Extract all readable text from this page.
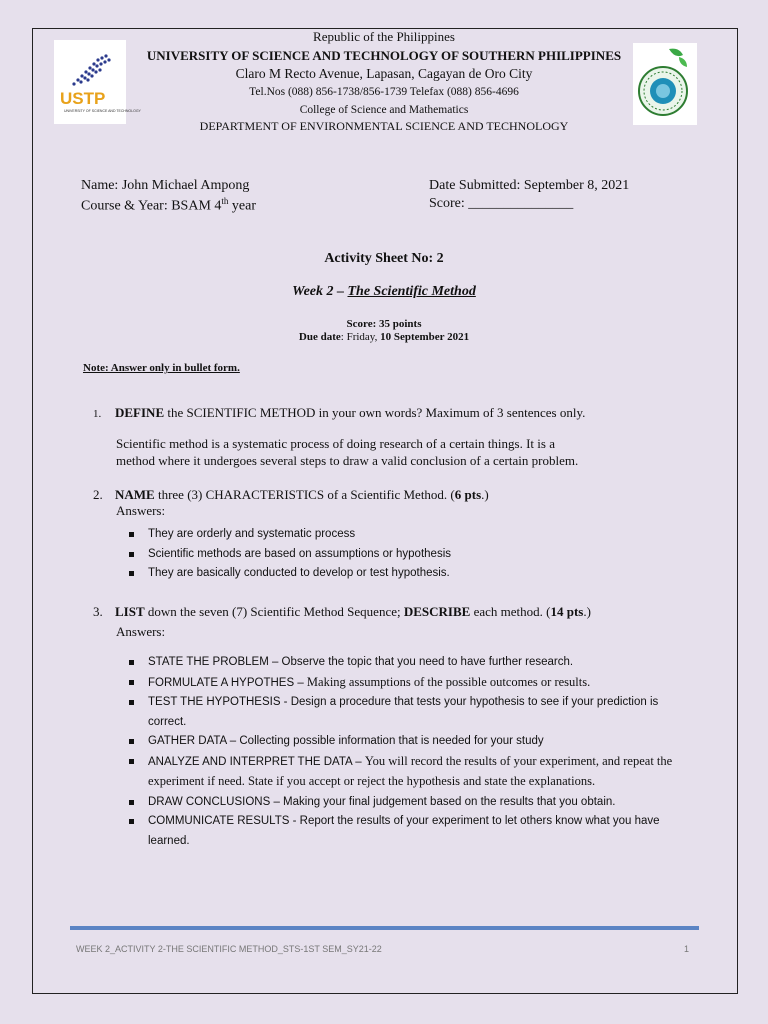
USTP
UNIVERSITY OF SCIENCE AND TECHNOLOGY
Republic of the Philippines
UNIVERSITY OF SCIENCE AND TECHNOLOGY OF SOUTHERN PHILIPPINES
Claro M Recto Avenue, Lapasan, Cagayan de Oro City
Tel.Nos (088) 856-1738/856-1739 Telefax (088) 856-4696
College of Science and Mathematics
DEPARTMENT OF ENVIRONMENTAL SCIENCE AND TECHNOLOGY
Name: John Michael Ampong
Course & Year: BSAM 4th year
Date Submitted: September 8, 2021
Score: _______________
Activity Sheet No: 2
Week 2 – The Scientific Method
Score: 35 points
Due date: Friday, 10 September 2021
Note: Answer only in bullet form.
1. DEFINE the SCIENTIFIC METHOD in your own words? Maximum of 3 sentences only.
Scientific method is a systematic process of doing research of a certain things. It is a
method where it undergoes several steps to draw a valid conclusion of a certain problem.
2. NAME three (3) CHARACTERISTICS of a Scientific Method. (6 pts.)
Answers:
They are orderly and systematic process
Scientific methods are based on assumptions or hypothesis
They are basically conducted to develop or test hypothesis.
3. LIST down the seven (7) Scientific Method Sequence; DESCRIBE each method. (14 pts.)
Answers:
STATE THE PROBLEM – Observe the topic that you need to have further research.
FORMULATE A HYPOTHES – Making assumptions of the possible outcomes or results.
TEST THE HYPOTHESIS - Design a procedure that tests your hypothesis to see if your prediction is correct.
GATHER DATA – Collecting possible information that is needed for your study
ANALYZE AND INTERPRET THE DATA – You will record the results of your experiment, and repeat the experiment if need. State if you accept or reject the hypothesis and state the explanations.
DRAW CONCLUSIONS – Making your final judgement based on the results that you obtain.
COMMUNICATE RESULTS - Report the results of your experiment to let others know what you have learned.
WEEK 2_ACTIVITY 2-THE SCIENTIFIC METHOD_STS-1ST SEM_SY21-22	1
